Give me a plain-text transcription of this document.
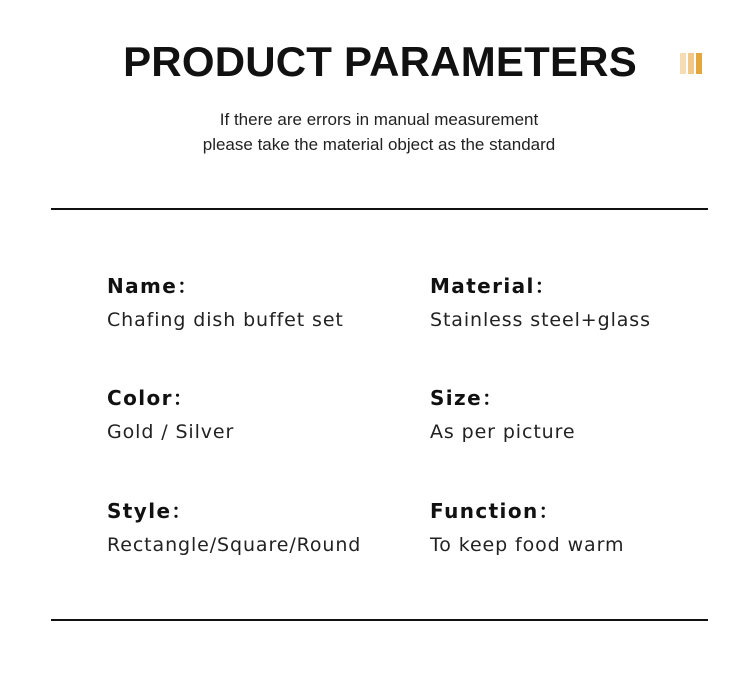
PRODUCT PARAMETERS
If there are errors in manual measurement
please take the material object as the standard
Name：
Chafing dish buffet set
Material：
Stainless steel+glass
Color：
Gold / Silver
Size：
As per picture
Style：
Rectangle/Square/Round
Function：
To keep food warm
